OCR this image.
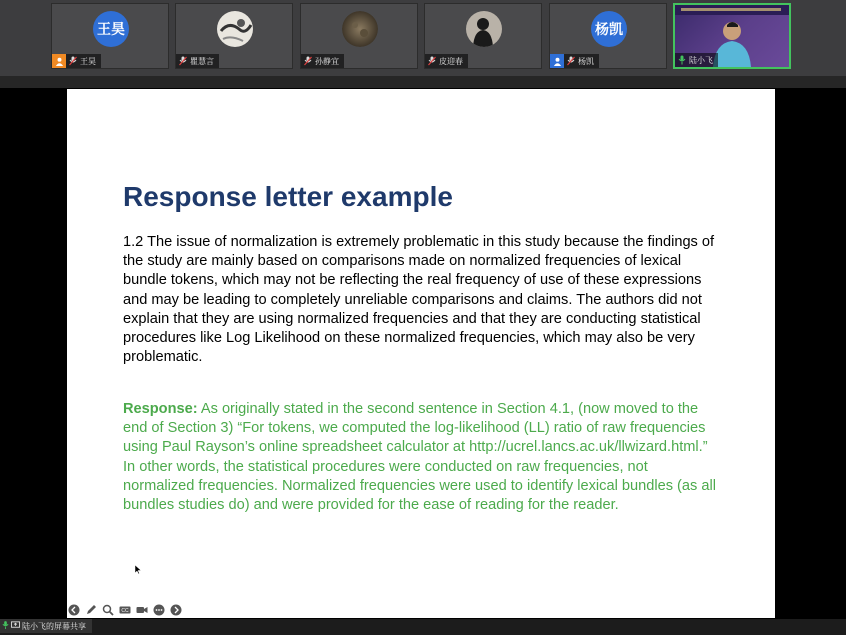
王昊
王昊	瞿慧言	孙静宜	皮迎春
杨凯
杨凯	陆小飞
Response letter example
1.2 The issue of normalization is extremely problematic in this study because the findings of the study are mainly based on comparisons made on normalized frequencies of lexical bundle tokens, which may not be reflecting the real frequency of use of these expressions and may be leading to completely unreliable comparisons and claims. The authors did not explain that they are using normalized frequencies and that they are conducting statistical procedures like Log Likelihood on these normalized frequencies, which may also be very problematic.
Response: As originally stated in the second sentence in Section 4.1, (now moved to the end of Section 3) “For tokens, we computed the log-likelihood (LL) ratio of raw frequencies using Paul Rayson’s online spreadsheet calculator at http://ucrel.lancs.ac.uk/llwizard.html.” In other words, the statistical procedures were conducted on raw frequencies, not normalized frequencies. Normalized frequencies were used to identify lexical bundles (as all bundles studies do) and were provided for the ease of reading for the reader.
CC
陆小飞的屏幕共享
